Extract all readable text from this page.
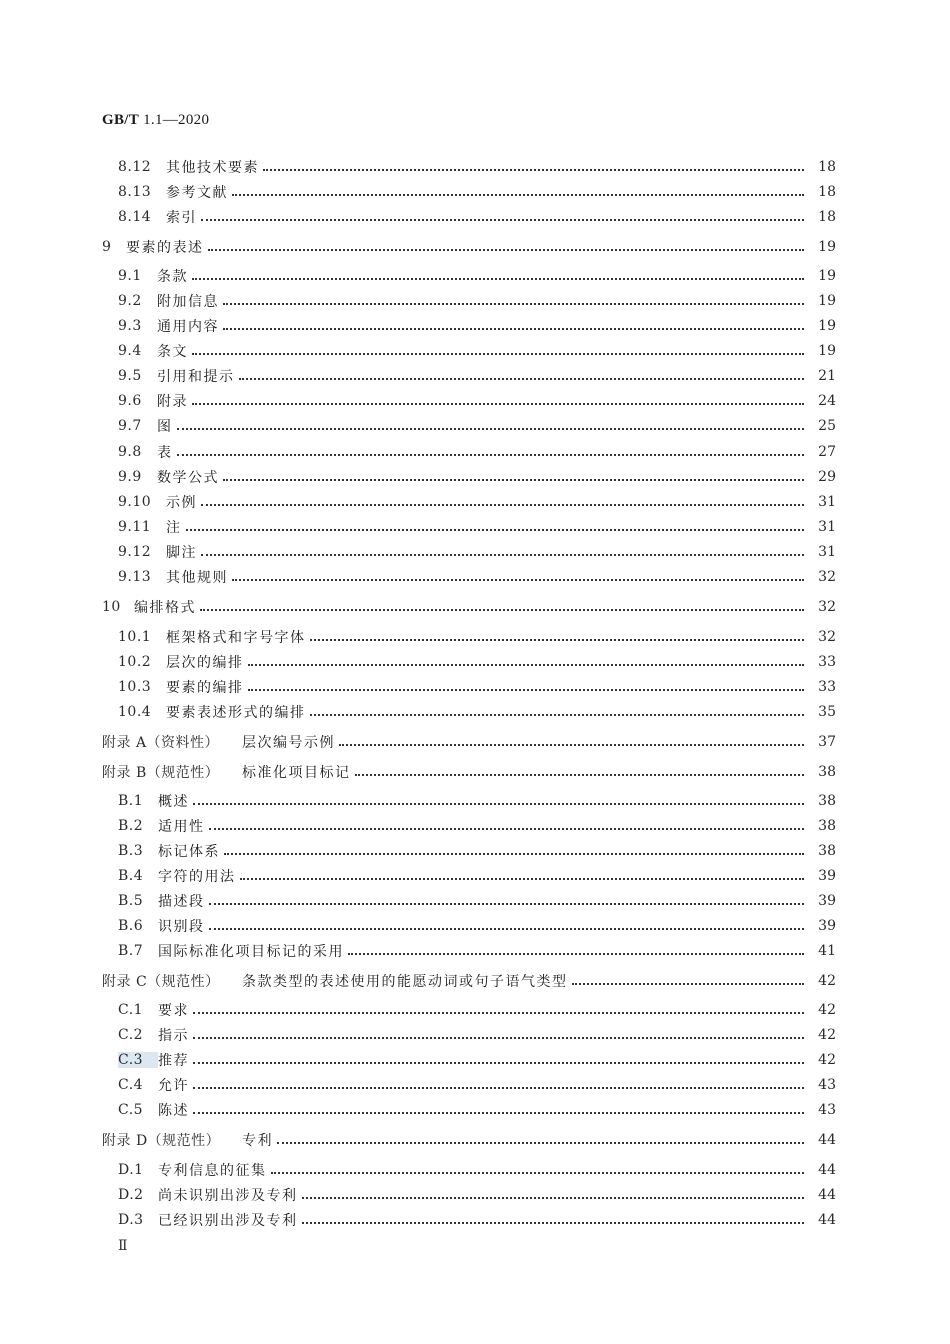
GB/T 1.1—2020
8.12	其他技术要素	18
8.13	参考文献	18
8.14	索引	18
9	要素的表述	19
9.1	条款	19
9.2	附加信息	19
9.3	通用内容	19
9.4	条文	19
9.5	引用和提示	21
9.6	附录	24
9.7	图	25
9.8	表	27
9.9	数学公式	29
9.10	示例	31
9.11	注	31
9.12	脚注	31
9.13	其他规则	32
10 编排格式	32
10.1	框架格式和字号字体	32
10.2	层次的编排	33
10.3	要素的编排	33
10.4	要素表述形式的编排	35
附录 A（资料性）	层次编号示例	37
附录 B（规范性）	标准化项目标记	38
B.1	概述	38
B.2	适用性	38
B.3	标记体系	38
B.4	字符的用法	39
B.5	描述段	39
B.6	识别段	39
B.7	国际标准化项目标记的采用	41
附录 C（规范性）	条款类型的表述使用的能愿动词或句子语气类型	42
C.1	要求	42
C.2	指示	42
C.3	推荐	42
C.4	允许	43
C.5	陈述	43
附录 D（规范性）	专利	44
D.1	专利信息的征集	44
D.2	尚未识别出涉及专利	44
D.3	已经识别出涉及专利	44
Ⅱ
